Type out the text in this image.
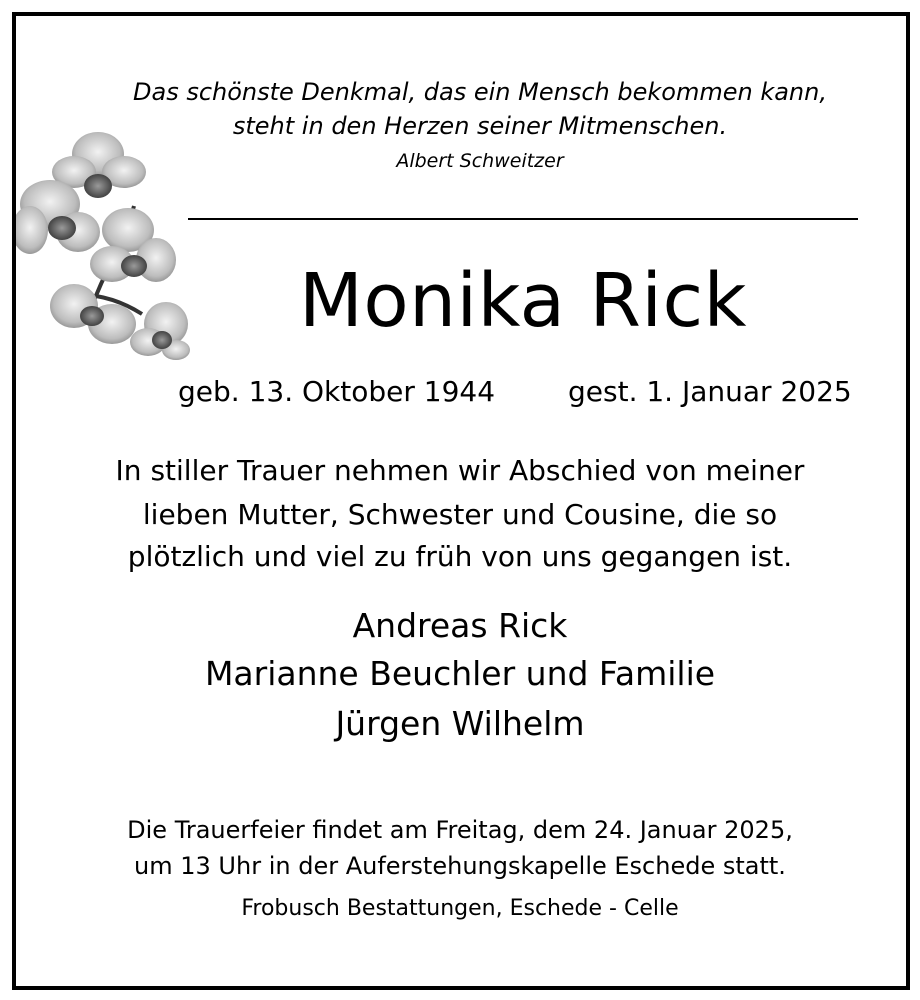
Das schönste Denkmal, das ein Mensch bekommen kann,
steht in den Herzen seiner Mitmenschen.
Albert Schweitzer
Monika Rick
geb. 13. Oktober 1944	gest. 1. Januar 2025
In stiller Trauer nehmen wir Abschied von meiner
lieben Mutter, Schwester und Cousine, die so
plötzlich und viel zu früh von uns gegangen ist.
Andreas Rick
Marianne Beuchler und Familie
Jürgen Wilhelm
Die Trauerfeier findet am Freitag, dem 24. Januar 2025,
um 13 Uhr in der Auferstehungskapelle Eschede statt.
Frobusch Bestattungen, Eschede - Celle
